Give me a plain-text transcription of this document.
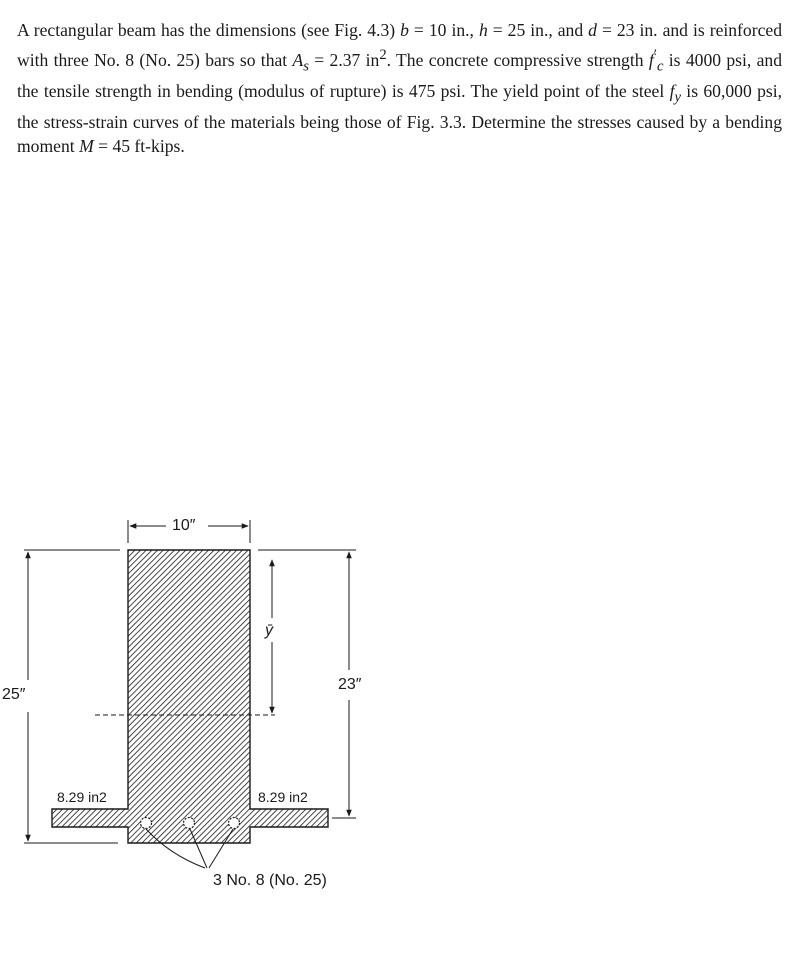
A rectangular beam has the dimensions (see Fig. 4.3) b = 10 in., h = 25 in., and d = 23 in. and is reinforced with three No. 8 (No. 25) bars so that $A_s = 2.37$ $in^2$. The concrete compressive strength $f'_c$ is 4000 psi, and the tensile strength in bending (modulus of rupture) is 475 psi. The yield point of the steel $f_y$ is 60,000 psi, the stress-strain curves of the materials being those of Fig. 3.3. Determine the stresses caused by a bending moment M = 45 ft-kips.
10″
25″
23″
ȳ
8.29 in2	8.29 in2
3 No. 8 (No. 25)
